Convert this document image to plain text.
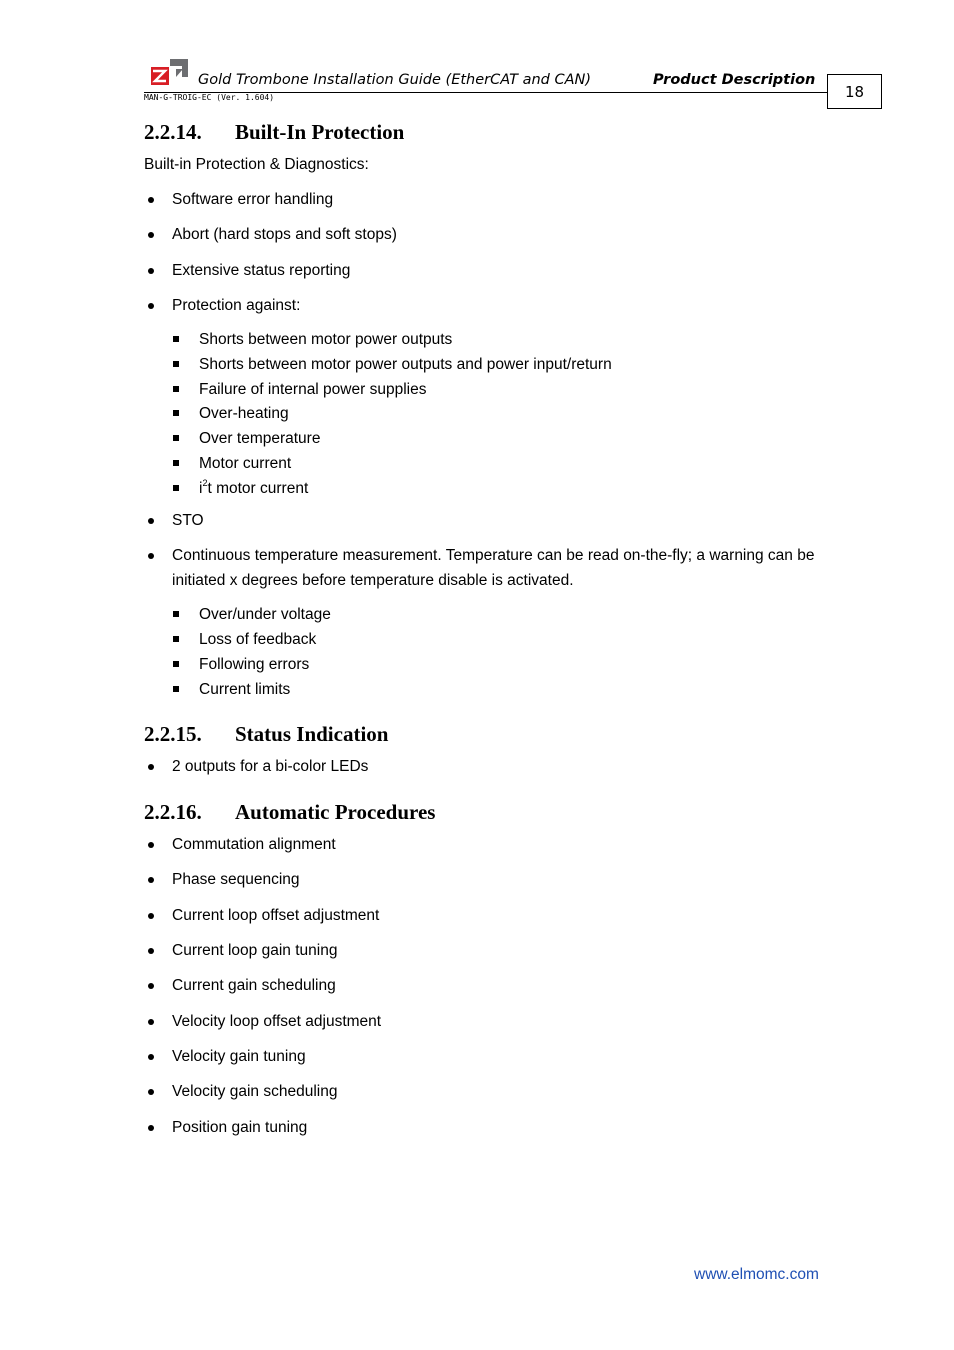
Gold Trombone Installation Guide (EtherCAT and CAN)	Product Description
MAN-G-TROIG-EC (Ver. 1.604)	18
2.2.14. Built-In Protection

Built-in Protection & Diagnostics:

Software error handling
Abort (hard stops and soft stops)
Extensive status reporting
Protection against:
Shorts between motor power outputs
Shorts between motor power outputs and power input/return
Failure of internal power supplies
Over-heating
Over temperature
Motor current
$i^2t$ motor current
STO
Continuous temperature measurement. Temperature can be read on-the-fly; a warning can be initiated x degrees before temperature disable is activated.
Over/under voltage
Loss of feedback
Following errors
Current limits
2.2.15. Status Indication
2 outputs for a bi-color LEDs
2.2.16. Automatic Procedures
Commutation alignment
Phase sequencing
Current loop offset adjustment
Current loop gain tuning
Current gain scheduling
Velocity loop offset adjustment
Velocity gain tuning
Velocity gain scheduling
Position gain tuning
www.elmomc.com
